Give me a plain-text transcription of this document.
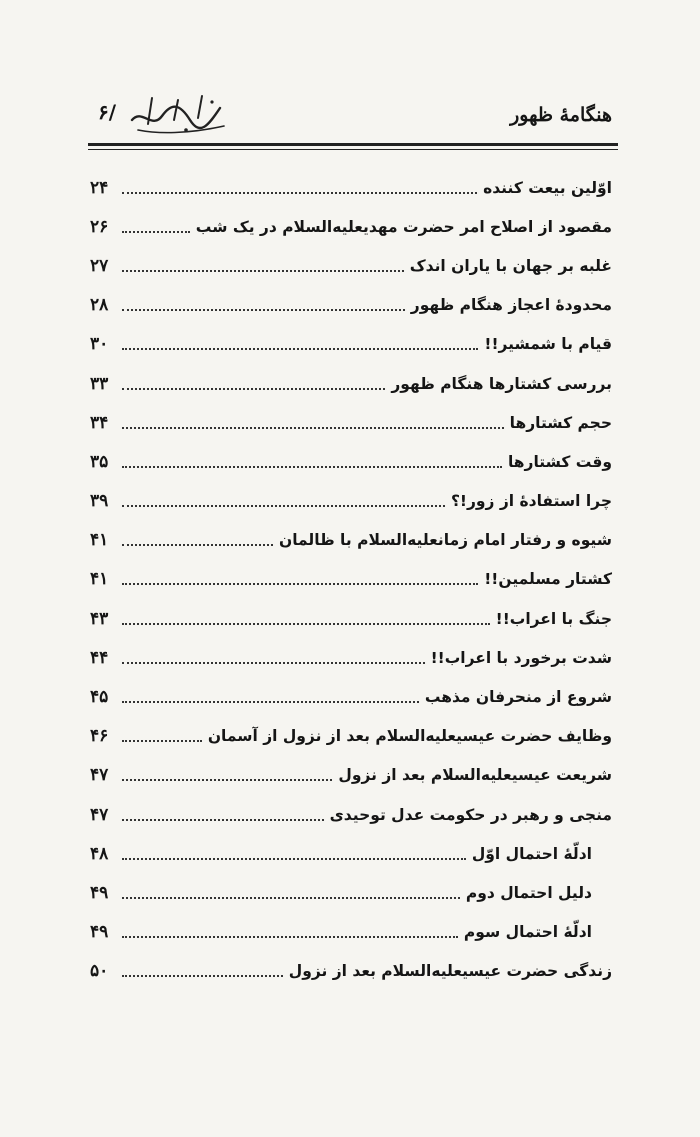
هنگامهٔ ظهور
/۶
اوّلين بيعت كننده
۲۴
مقصود از اصلاح امر حضرت مهدیعليه‌السلام در يک شب
۲۶
غلبه بر جهان با ياران اندک
۲۷
محدودهٔ اعجاز هنگام ظهور
۲۸
قيام با شمشير!!
۳۰
بررسی كشتارها هنگام ظهور
۳۳
حجم كشتارها
۳۴
وقت كشتارها
۳۵
چرا استفادهٔ از زور!؟
۳۹
شيوه و رفتار امام زمانعليه‌السلام با ظالمان
۴۱
كشتار مسلمين!!
۴۱
جنگ با اعراب!!
۴۳
شدت برخورد با اعراب!!
۴۴
شروع از منحرفان مذهب
۴۵
وظايف حضرت عيسیعليه‌السلام بعد از نزول از آسمان
۴۶
شريعت عيسیعليه‌السلام بعد از نزول
۴۷
منجی و رهبر در حكومت عدل توحيدی
۴۷
ادلّهٔ احتمال اوّل
۴۸
دليل احتمال دوم
۴۹
ادلّهٔ احتمال سوم
۴۹
زندگی حضرت عيسیعليه‌السلام بعد از نزول
۵۰
